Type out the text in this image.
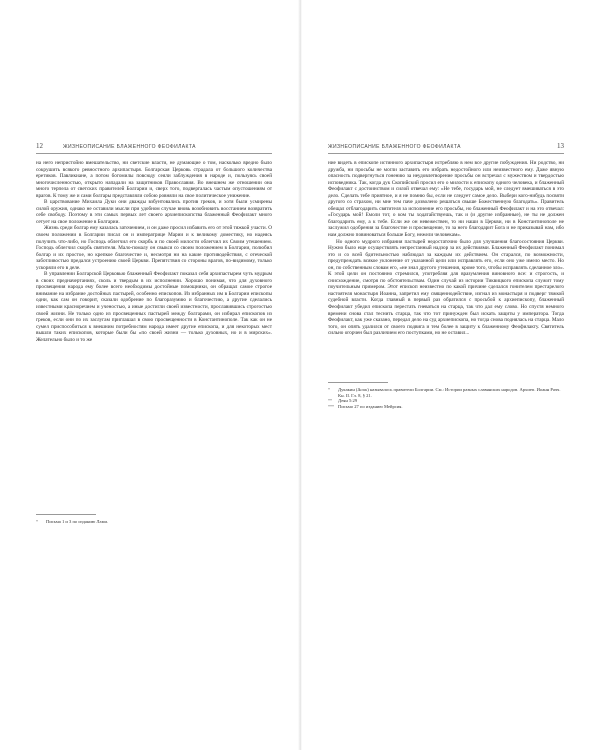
12	ЖИЗНЕОПИСАНИЕ БЛАЖЕННОГО ФЕОФИЛАКТА

на него непристойно вмешательство, ни светские власти, не думающие о том, насколько вредно было сокрушить всякого ревностного архипастыря. Болгарская Церковь страдала от большого количества еретиков. Павликиане, а потом богомилы повсюду сеяли заблуждения в народе и, пользуясь своей многочисленностью, открыто нападали на защитников Православия. Во внешнем же отношении она много терпела от светских правителей Болгарии и, сверх того, подвергалась частым опустошениям от врагов. К тому же и сами болгары представляли собою ровняли на свое политическое унижение.

В царствование Михаила Дуки они дважды взбунтовались против греков, и хотя были усмирены силой оружия, однако не оставили мысли при удобном случае вновь возобновить восстанием возвратить себе свободу. Поэтому в эти самых первых лет своего архиепископства блаженный Феофилакт много сетует на свое положение в Болгарии.

Жизнь среди болгар ему казалась заточением, и он даже просил избавить его от этой тяжкой участи. О своем положении в Болгарии писал он и императрице Марии и к великому доместику, но надеясь получить что-либо, но Господь облегчил его скорбь и по своей милости облегчил их Своим утешением. Господь облегчил скорбь святителя. Мало-помалу он свыкся со своим положением в Болгарии, полюбил болгар и их простое, но крепкое благочестие и, несмотря ни на какие противодействия, с отеческой заботливостью предался устроению своей Церкви. Препятствия со стороны врагов, по-видимому, только ускоряли его в деле.

В управлении Болгарской Церковью блаженный Феофилакт показал себя архипастырем чуть мудрым в своих предначертаниях, сколь и твердым в их исполнении. Хорошо понимая, что для духовного просвещения народа ему более всего необходимы достойные помощники, он обращал самое строгое внимание на избрание достойных пастырей, особенно епископов. Из избранных им в Болгарии епископы одни, как сам он говорит, сказали одобрение по благоразумию и благочестию, а другие сделались известными красноречием и ученостью, а иные достигли своей известности, прославившись строгостью своей жизни. Не только одно из просвещенных пастырей между болгарами, он избирал епископов из греков, если они по их заслугам приглашал в свою просвещенности в Константинополе. Так как он не сумел приспособиться к внешним потребностям народа имеет другие епископа, и для некоторых мест вышли таких епископов, которые были бы «по своей жизни — только духовных, но и в мирских». Желательно было и то же

*	Письма 1 и 3 по изданию Лами.
ЖИЗНЕОПИСАНИЕ БЛАЖЕННОГО ФЕОФИЛАКТА	13

ние видеть в епископе истинного архипастыря истребляю в нем все другие побуждения. Ни родство, ни дружба, ни просьбы не могли заставить его избрать недостойного или неизвестного ему. Даже явную опасность подвергнуться гонению за неудовлетворение просьбы он встречал с мужеством и твердостью исповедника. Так, когда дук Скопийский просил его о милости к епископу одного человека, и блаженный Феофилакт с достоинством и силой отвечал ему: «Не тебе, государь мой, не следует вмешиваться в это дело. Сделать тебе приятное, и я не помню бы, если не следует самое дело. Выбери кого-нибудь посвяти другого со страхом, ни мне тем паче дозволено решаться свыше Божественную благодать». Правитель обещал отблагодарить святителя за исполнение его просьбы, но блаженный Феофилакт и на это отвечал: «Государь мой! Емоли тот, о ком ты ходатайствуешь, так и (и другие избранные), не ты не должен благодарить ему, а к тебе. Если же он невежествен, то ни наши в Церкви, ни в Константинополе не заслужил одобрения за благочестие и просвещение, то за него благодарит Бога и не приказывай нам, ибо нам должно повиноваться больше Богу, нежели человекам».

Но одного мудрого избрания пастырей недостаточно было для улучшения благосостояния Церкви. Нужно было еще осуществлять непрестанный надзор за их действиями. Блаженный Феофилакт понимал это и со всей бдительностью наблюдал за каждым их действием. Он старался, по возможности, предупреждать всякое уклонение от указанной цели или исправлять его, если оно уже имело место. Но он, по собственным словам его, «не знал другого утешения, кроме того, чтобы исправлять сделанное зло». К этой цели он постоянно стремился, употребляя для вразумления виновного все: и строгость, и снисхождение, смотря по обстоятельствам. Один случай из истории Тиквицкого епископа служит тому поучительным примером. Этот епископ неизвестно по какой причине сделался гонителем престарелого настоятеля монастыря Иоанна, запретил ему священнодействие, изгнал из монастыря и подверг тяжкой судебной власти. Когда главный в первый раз обратился с просьбой к архиепископу, блаженный Феофилакт убедил епископа перестать гневаться на старца, так что дал ему слово. Но спустя немного времени снова стал теснить старца, так что тот принужден был искать защиты у императора. Тогда Феофилакт, как уже сказано, передал дело на суд архиепископа, но тогда снова поднялась на старца. Мало того, он опять удалился от своего подвига и тем более в защиту к блаженному Феофилакту. Святитель сильно огорчен был различием его поступками, но не оставил...

*	Дукакин (Δουκ) называлось правители Болгарии. См.: Истории разных славянских народов. Архиеп. Иоанн Рачч. Кн. II. Гл. 8, § 21.
**	Деян 5:29
*** Письмо 27 по изданию Мейрсия.
